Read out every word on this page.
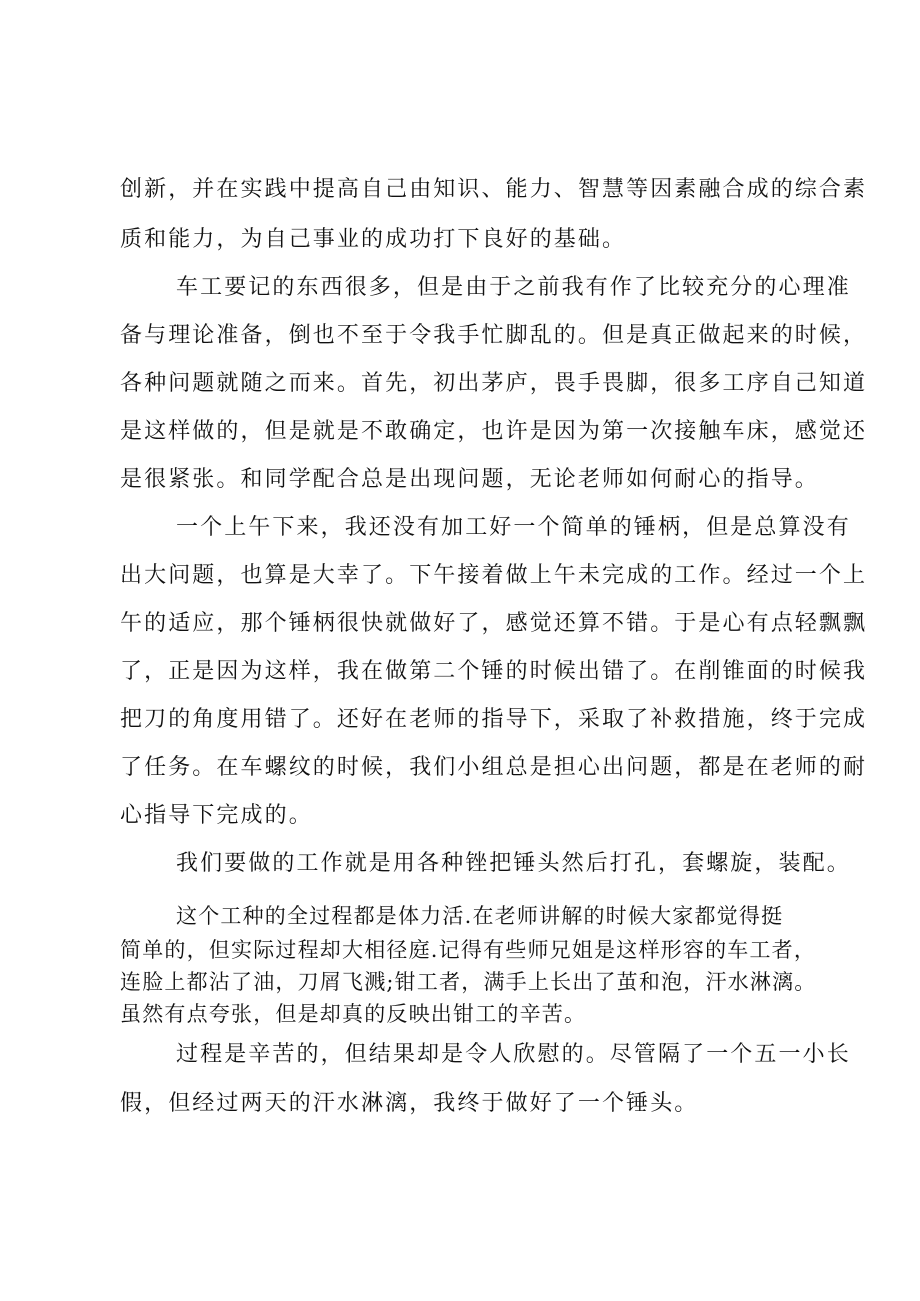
创新，并在实践中提高自己由知识、能力、智慧等因素融合成的综合素
质和能力，为自己事业的成功打下良好的基础。
车工要记的东西很多，但是由于之前我有作了比较充分的心理准
备与理论准备，倒也不至于令我手忙脚乱的。但是真正做起来的时候，
各种问题就随之而来。首先，初出茅庐，畏手畏脚，很多工序自己知道
是这样做的，但是就是不敢确定，也许是因为第一次接触车床，感觉还
是很紧张。和同学配合总是出现问题，无论老师如何耐心的指导。
一个上午下来，我还没有加工好一个简单的锤柄，但是总算没有
出大问题，也算是大幸了。下午接着做上午未完成的工作。经过一个上
午的适应，那个锤柄很快就做好了，感觉还算不错。于是心有点轻飘飘
了，正是因为这样，我在做第二个锤的时候出错了。在削锥面的时候我
把刀的角度用错了。还好在老师的指导下，采取了补救措施，终于完成
了任务。在车螺纹的时候，我们小组总是担心出问题，都是在老师的耐
心指导下完成的。
我们要做的工作就是用各种锉把锤头然后打孔，套螺旋，装配。
这个工种的全过程都是体力活.在老师讲解的时候大家都觉得挺
简单的，但实际过程却大相径庭.记得有些师兄姐是这样形容的车工者，
连脸上都沾了油，刀屑飞溅;钳工者，满手上长出了茧和泡，汗水淋漓。
虽然有点夸张，但是却真的反映出钳工的辛苦。
过程是辛苦的，但结果却是令人欣慰的。尽管隔了一个五一小长
假，但经过两天的汗水淋漓，我终于做好了一个锤头。
